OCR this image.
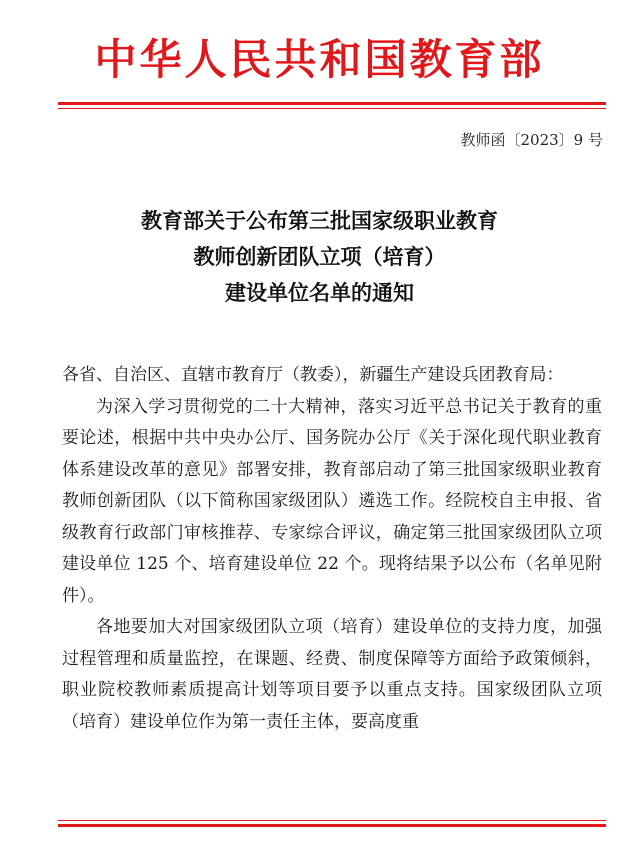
中华人民共和国教育部
教师函〔2023〕9 号
教育部关于公布第三批国家级职业教育
教师创新团队立项（培育）
建设单位名单的通知

各省、自治区、直辖市教育厅（教委），新疆生产建设兵团教育局：

为深入学习贯彻党的二十大精神，落实习近平总书记关于教育的重要论述，根据中共中央办公厅、国务院办公厅《关于深化现代职业教育体系建设改革的意见》部署安排，教育部启动了第三批国家级职业教育教师创新团队（以下简称国家级团队）遴选工作。经院校自主申报、省级教育行政部门审核推荐、专家综合评议，确定第三批国家级团队立项建设单位 125 个、培育建设单位 22 个。现将结果予以公布（名单见附件）。

各地要加大对国家级团队立项（培育）建设单位的支持力度，加强过程管理和质量监控，在课题、经费、制度保障等方面给予政策倾斜，职业院校教师素质提高计划等项目要予以重点支持。国家级团队立项（培育）建设单位作为第一责任主体，要高度重
